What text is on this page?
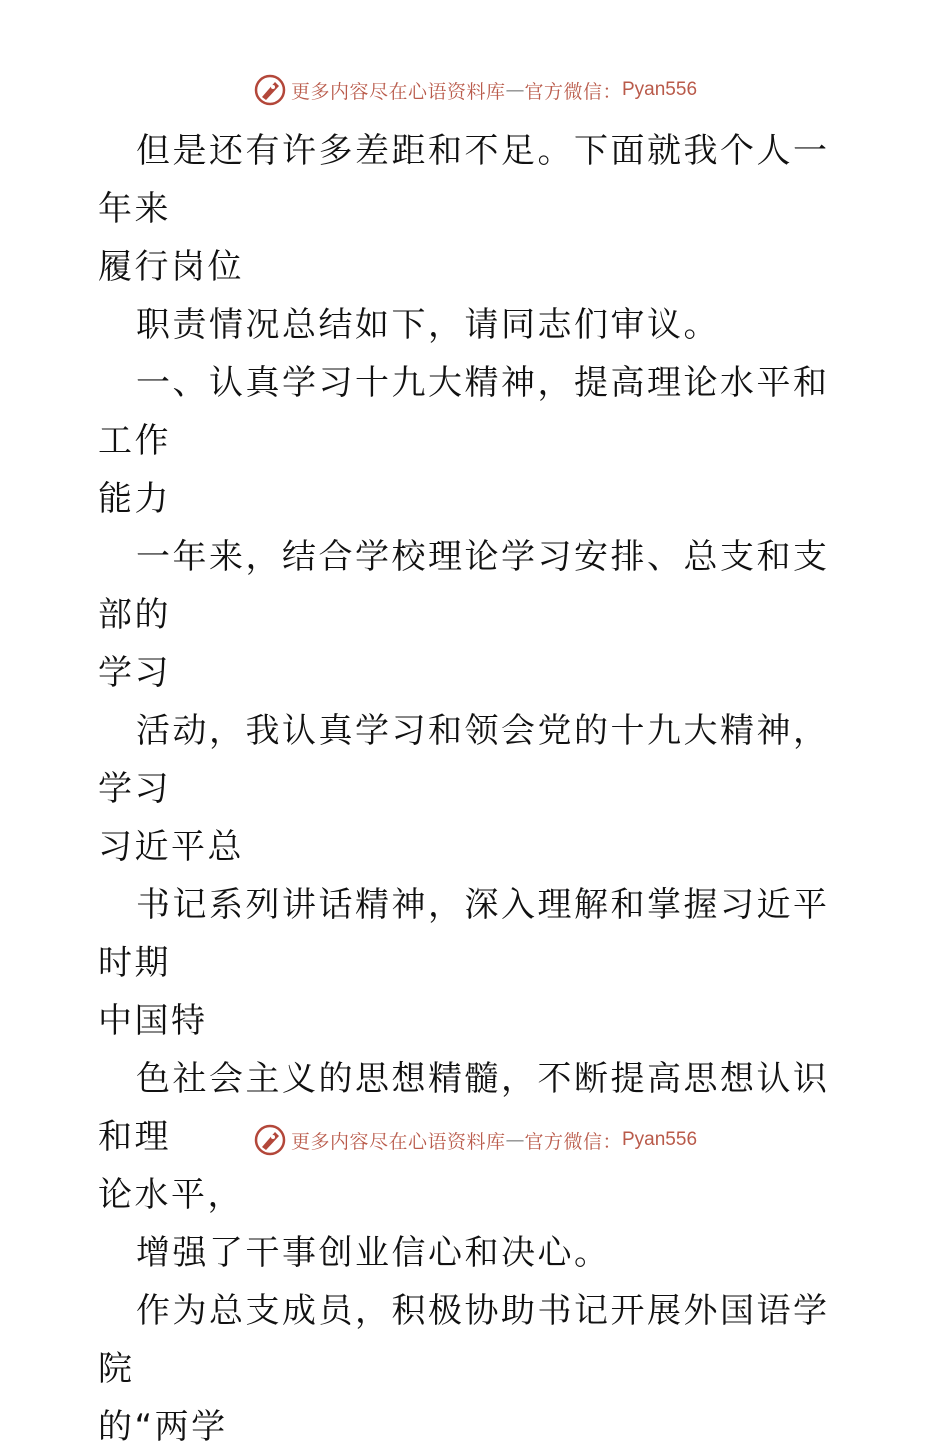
更多内容尽在心语资料库 — 官方微信： Pyan556

但是还有许多差距和不足。下面就我个人一年来
履行岗位

职责情况总结如下，请同志们审议。

一、认真学习十九大精神，提高理论水平和工作
能力

一年来，结合学校理论学习安排、总支和支部的
学习

活动，我认真学习和领会党的十九大精神，学习
习近平总

书记系列讲话精神，深入理解和掌握习近平时期
中国特

色社会主义的思想精髓，不断提高思想认识和理
论水平，

增强了干事创业信心和决心。

作为总支成员，积极协助书记开展外国语学院
的“两学

更多内容尽在心语资料库 — 官方微信： Pyan556
